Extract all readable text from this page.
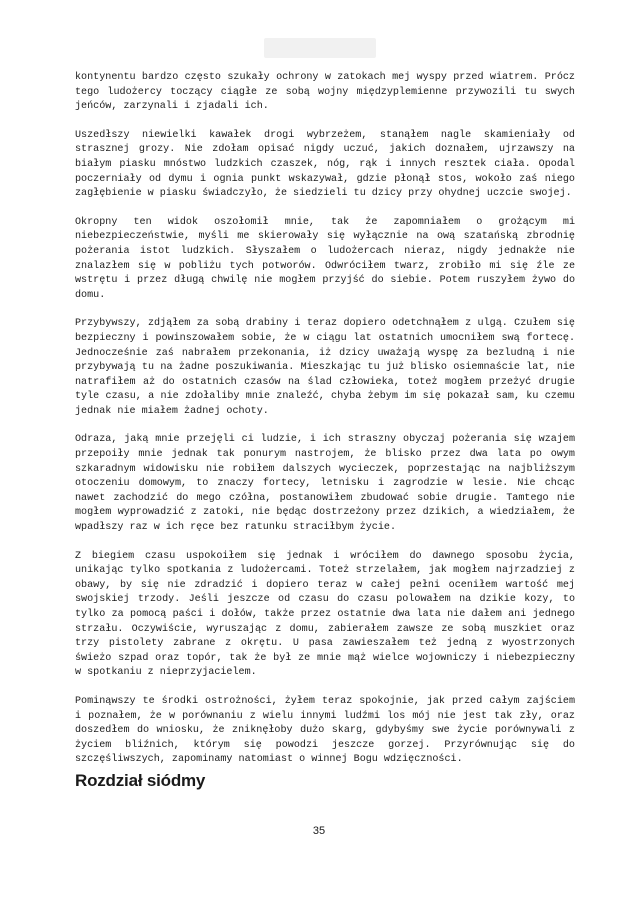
kontynentu bardzo często szukały ochrony w zatokach mej wyspy przed wiatrem. Prócz tego ludożercy toczący ciągłe ze sobą wojny międzyplemienne przywozili tu swych jeńców, zarzynali i zjadali ich.

Uszedłszy niewielki kawałek drogi wybrzeżem, stanąłem nagle skamieniały od strasznej grozy. Nie zdołam opisać nigdy uczuć, jakich doznałem, ujrzawszy na białym piasku mnóstwo ludzkich czaszek, nóg, rąk i innych resztek ciała. Opodal poczerniały od dymu i ognia punkt wskazywał, gdzie płonął stos, wokoło zaś niego zagłębienie w piasku świadczyło, że siedzieli tu dzicy przy ohydnej uczcie swojej.

Okropny ten widok oszołomił mnie, tak że zapomniałem o grożącym mi niebezpieczeństwie, myśli me skierowały się wyłącznie na ową szatańską zbrodnię pożerania istot ludzkich. Słyszałem o ludożercach nieraz, nigdy jednakże nie znalazłem się w pobliżu tych potworów. Odwróciłem twarz, zrobiło mi się źle ze wstrętu i przez długą chwilę nie mogłem przyjść do siebie. Potem ruszyłem żywo do domu.

Przybywszy, zdjąłem za sobą drabiny i teraz dopiero odetchnąłem z ulgą. Czułem się bezpieczny i powinszowałem sobie, że w ciągu lat ostatnich umocniłem swą fortecę. Jednocześnie zaś nabrałem przekonania, iż dzicy uważają wyspę za bezludną i nie przybywają tu na żadne poszukiwania. Mieszkając tu już blisko osiemnaście lat, nie natrafiłem aż do ostatnich czasów na ślad człowieka, toteż mogłem przeżyć drugie tyle czasu, a nie zdołaliby mnie znaleźć, chyba żebym im się pokazał sam, ku czemu jednak nie miałem żadnej ochoty.

Odraza, jaką mnie przejęli ci ludzie, i ich straszny obyczaj pożerania się wzajem przepoiły mnie jednak tak ponurym nastrojem, że blisko przez dwa lata po owym szkaradnym widowisku nie robiłem dalszych wycieczek, poprzestając na najbliższym otoczeniu domowym, to znaczy fortecy, letnisku i zagrodzie w lesie. Nie chcąc nawet zachodzić do mego czółna, postanowiłem zbudować sobie drugie. Tamtego nie mogłem wyprowadzić z zatoki, nie będąc dostrzeżony przez dzikich, a wiedziałem, że wpadłszy raz w ich ręce bez ratunku straciłbym życie.

Z biegiem czasu uspokoiłem się jednak i wróciłem do dawnego sposobu życia, unikając tylko spotkania z ludożercami. Toteż strzelałem, jak mogłem najrzadziej z obawy, by się nie zdradzić i dopiero teraz w całej pełni oceniłem wartość mej swojskiej trzody. Jeśli jeszcze od czasu do czasu polowałem na dzikie kozy, to tylko za pomocą paści i dołów, także przez ostatnie dwa lata nie dałem ani jednego strzału. Oczywiście, wyruszając z domu, zabierałem zawsze ze sobą muszkiet oraz trzy pistolety zabrane z okrętu. U pasa zawieszałem też jedną z wyostrzonych świeżo szpad oraz topór, tak że był ze mnie mąż wielce wojowniczy i niebezpieczny w spotkaniu z nieprzyjacielem.

Pominąwszy te środki ostrożności, żyłem teraz spokojnie, jak przed całym zajściem i poznałem, że w porównaniu z wielu innymi ludźmi los mój nie jest tak zły, oraz doszedłem do wniosku, że zniknęłoby dużo skarg, gdybyśmy swe życie porównywali z życiem bliźnich, którym się powodzi jeszcze gorzej. Przyrównując się do szczęśliwszych, zapominamy natomiast o winnej Bogu wdzięczności.

Rozdział siódmy
35
